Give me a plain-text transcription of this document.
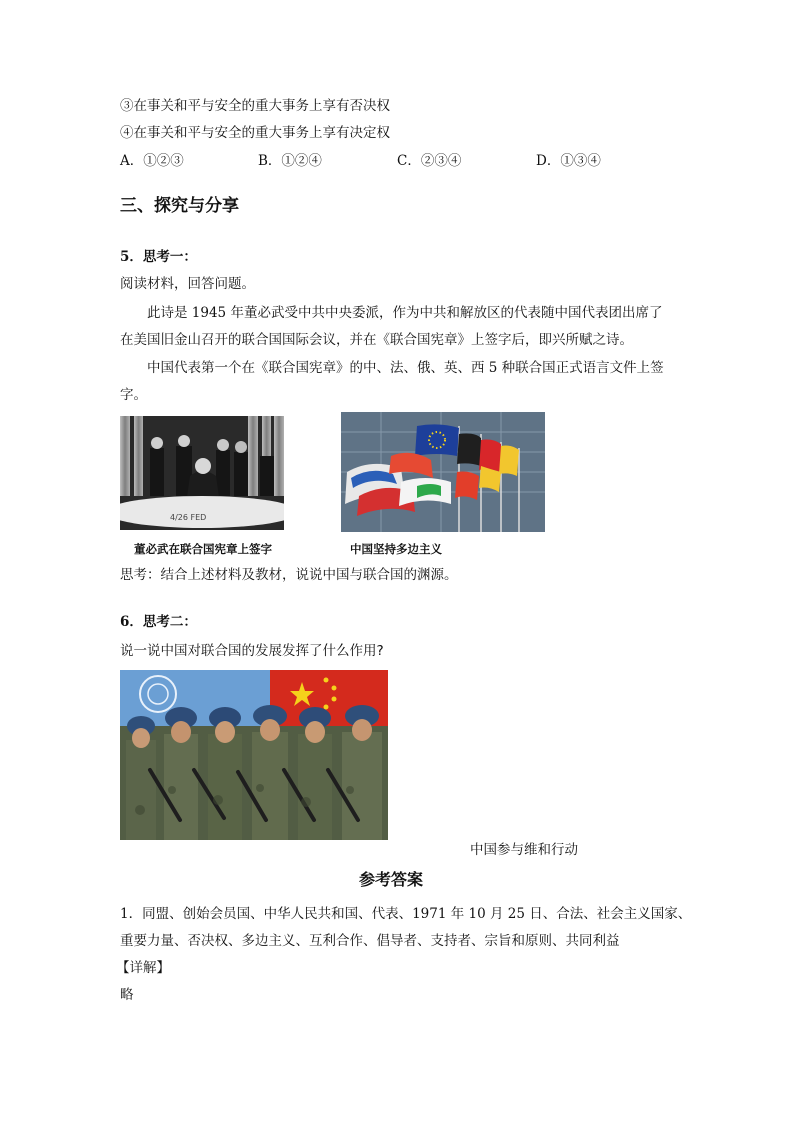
③在事关和平与安全的重大事务上享有否决权
④在事关和平与安全的重大事务上享有决定权
A．①②③	B．①②④	C．②③④	D．①③④
三、探究与分享
5．思考一：
阅读材料，回答问题。
此诗是 1945 年董必武受中共中央委派，作为中共和解放区的代表随中国代表团出席了
在美国旧金山召开的联合国国际会议，并在《联合国宪章》上签字后，即兴所赋之诗。
中国代表第一个在《联合国宪章》的中、法、俄、英、西 5 种联合国正式语言文件上签
字。
4/26 FED
董必武在联合国宪章上签字	中国坚持多边主义
思考：结合上述材料及教材，说说中国与联合国的渊源。
6．思考二：
说一说中国对联合国的发展发挥了什么作用?
中国参与维和行动
参考答案
1．同盟、创始会员国、中华人民共和国、代表、1971 年 10 月 25 日、合法、社会主义国家、
重要力量、否决权、多边主义、互利合作、倡导者、支持者、宗旨和原则、共同利益
【详解】
略
